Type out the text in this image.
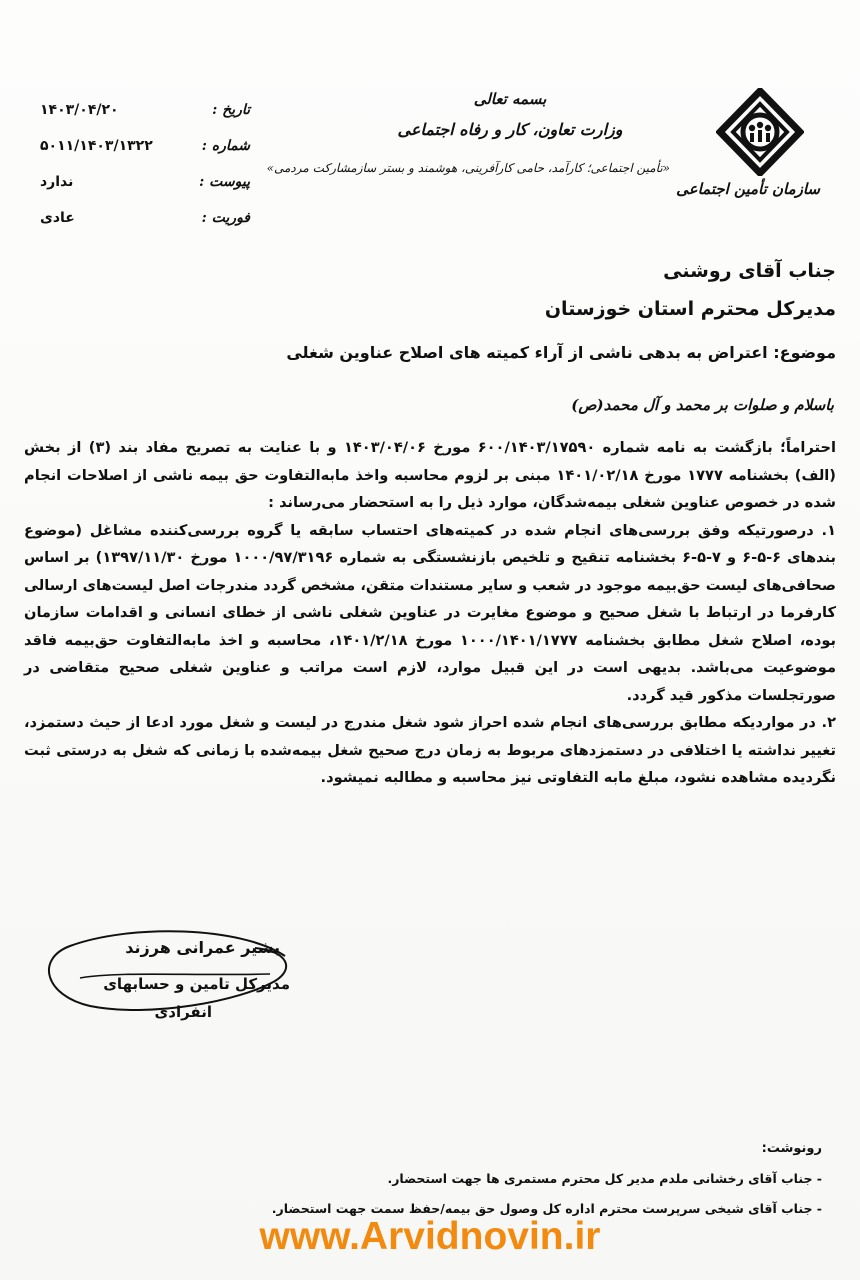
سازمان تأمین اجتماعی
بسمه تعالی
وزارت تعاون، کار و رفاه اجتماعی
«تأمین اجتماعی؛ کارآمد، حامی کارآفرینی، هوشمند و بستر سازمشارکت مردمی»
تاریخ :
۱۴۰۳/۰۴/۲۰
شماره :
۵۰۱۱/۱۴۰۳/۱۳۲۲
پیوست :
ندارد
فوریت :
عادی
جناب آقای روشنی
مدیرکل محترم استان خوزستان
موضوع: اعتراض به بدهی ناشی از آراء کمیته های اصلاح عناوین شغلی
باسلام و صلوات بر محمد و آل محمد(ص)

احتراماً؛ بازگشت به نامه شماره ۶۰۰/۱۴۰۳/۱۷۵۹۰ مورخ ۱۴۰۳/۰۴/۰۶ و با عنایت به تصریح مفاد بند (۳) از بخش (الف) بخشنامه ۱۷۷۷ مورخ ۱۴۰۱/۰۲/۱۸ مبنی بر لزوم محاسبه واخذ مابه‌التفاوت حق بیمه ناشی از اصلاحات انجام شده در خصوص عناوین شغلی بیمه‌شدگان، موارد ذیل را به استحضار می‌رساند :

۱. درصورتیکه وفق بررسی‌های انجام شده در کمیته‌های احتساب سابقه یا گروه بررسی‌کننده مشاغل (موضوع بندهای ۶-۵-۶ و ۷-۵-۶ بخشنامه تنقیح و تلخیص بازنشستگی به شماره ۱۰۰۰/۹۷/۳۱۹۶ مورخ ۱۳۹۷/۱۱/۳۰) بر اساس صحافی‌های لیست حق‌بیمه موجود در شعب و سایر مستندات متقن، مشخص گردد مندرجات اصل لیست‌های ارسالی کارفرما در ارتباط با شغل صحیح و موضوع مغایرت در عناوین شغلی ناشی از خطای انسانی و اقدامات سازمان بوده، اصلاح شغل مطابق بخشنامه ۱۰۰۰/۱۴۰۱/۱۷۷۷ مورخ ۱۴۰۱/۲/۱۸، محاسبه و اخذ مابه‌التفاوت حق‌بیمه فاقد موضوعیت می‌باشد. بدیهی است در این قبیل موارد، لازم است مراتب و عناوین شغلی صحیح متقاضی در صورتجلسات مذکور قید گردد.

۲. در مواردیکه مطابق بررسی‌های انجام شده احراز شود شغل مندرج در لیست و شغل مورد ادعا از حیث دستمزد، تغییر نداشته یا اختلافی در دستمزدهای مربوط به زمان درج صحیح شغل بیمه‌شده با زمانی که شغل به درستی ثبت نگردیده مشاهده نشود، مبلغ مابه التفاوتی نیز محاسبه و مطالبه نمیشود.

بشیر عمرانی هرزند
مدیرکل تامین و حسابهای
انفرادی
رونوشت:
- جناب آقای رخشانی ملدم مدیر کل محترم مستمری ها جهت استحضار.
- جناب آقای شیخی سرپرست محترم اداره کل وصول حق بیمه/حفظ سمت جهت استحضار.
www.Arvidnovin.ir
